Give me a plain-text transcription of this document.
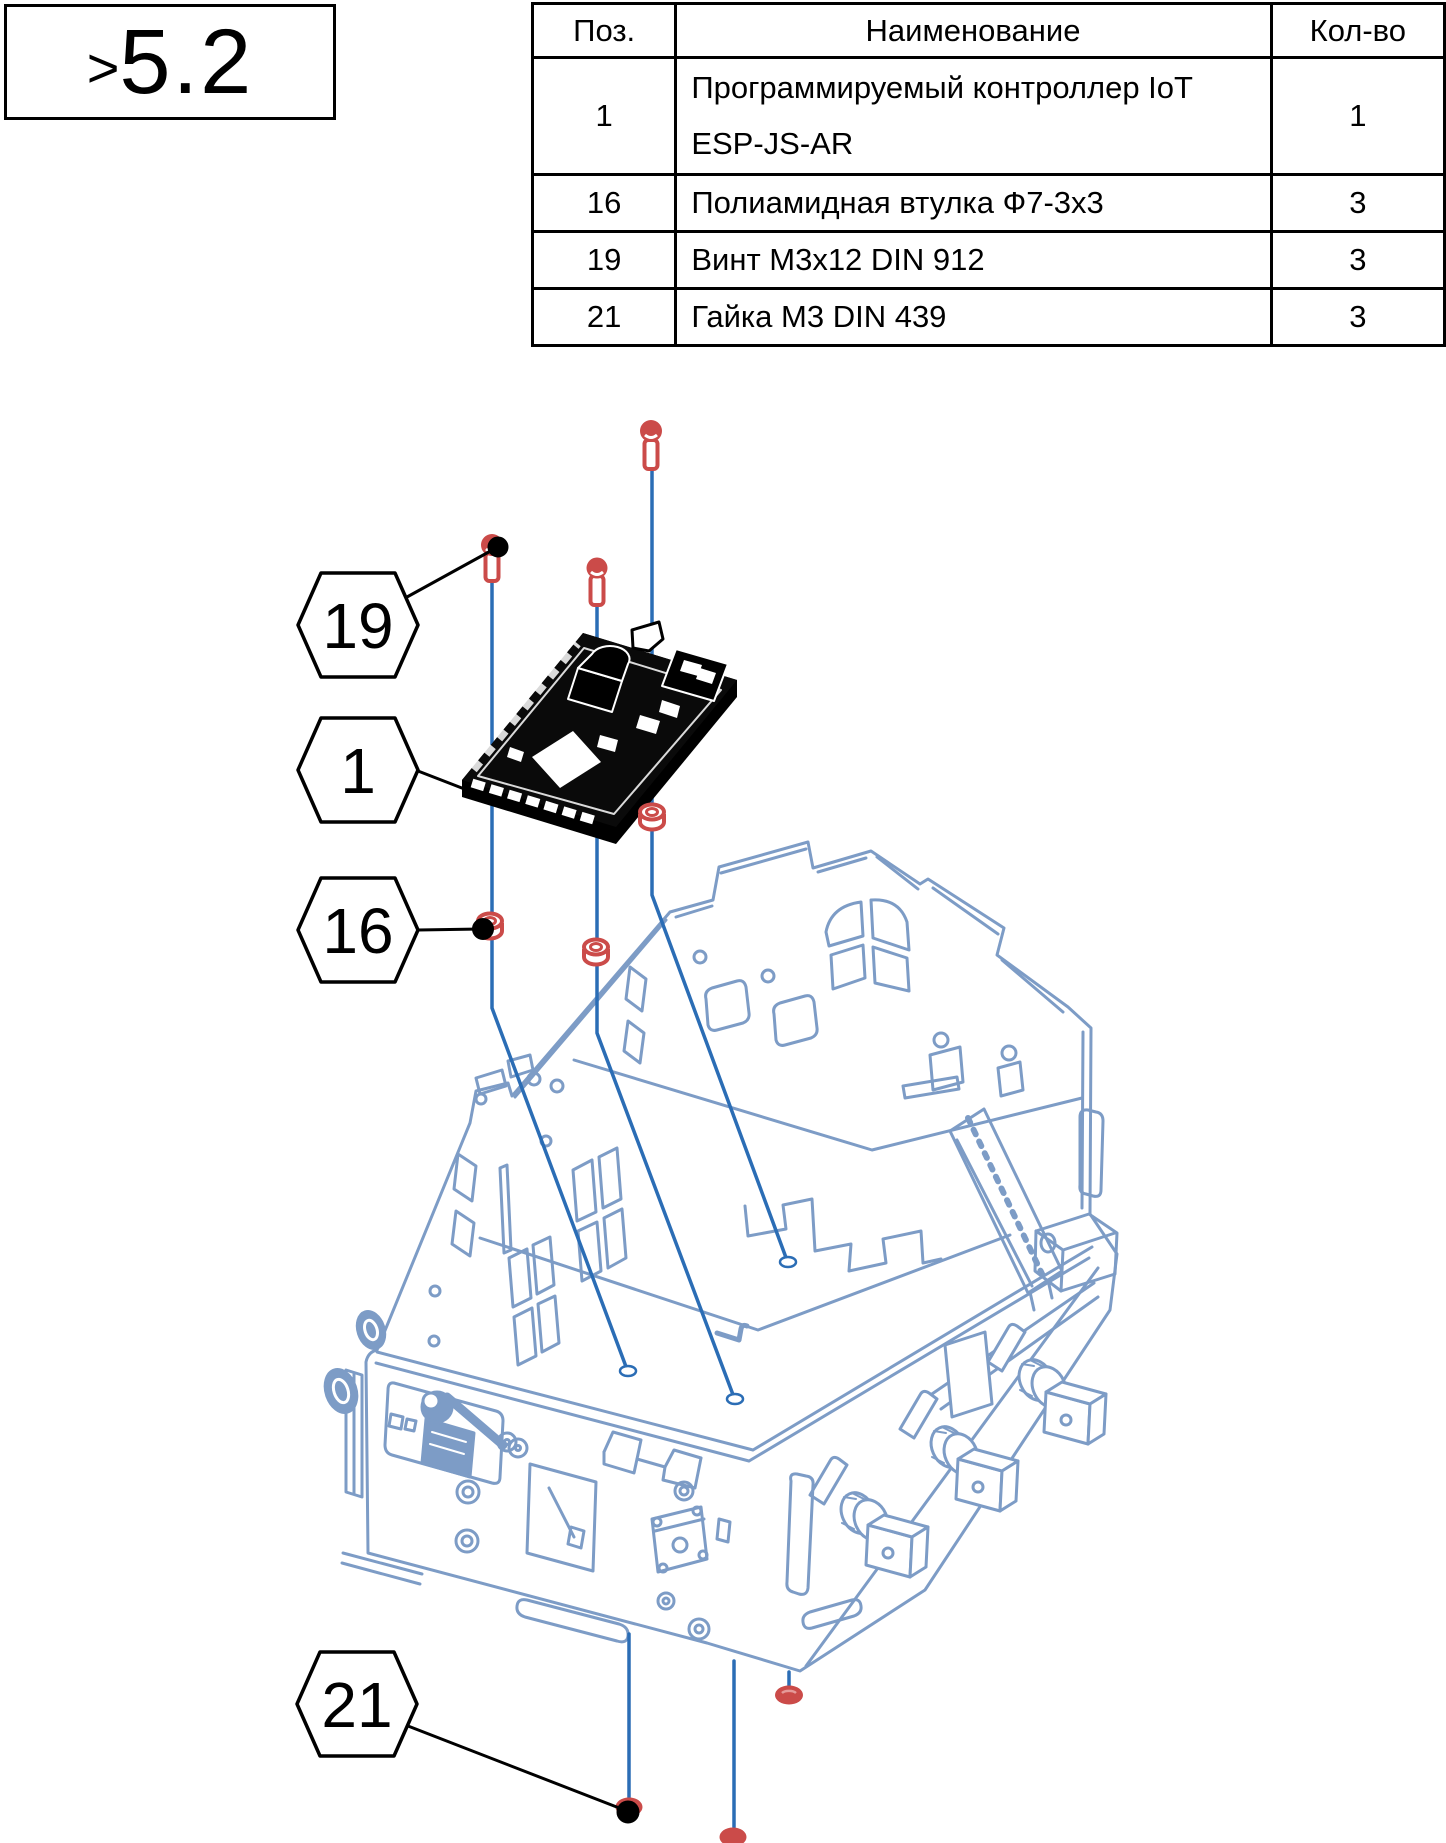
> 5.2	Поз.	Наименование	Кол-во
1	Программируемый контроллер IoT
ESP-JS-AR	1
16	Полиамидная втулка Ф7-3х3	3
19	Винт М3х12 DIN 912	3
21	Гайка М3 DIN 439	3
19
1
16
21
